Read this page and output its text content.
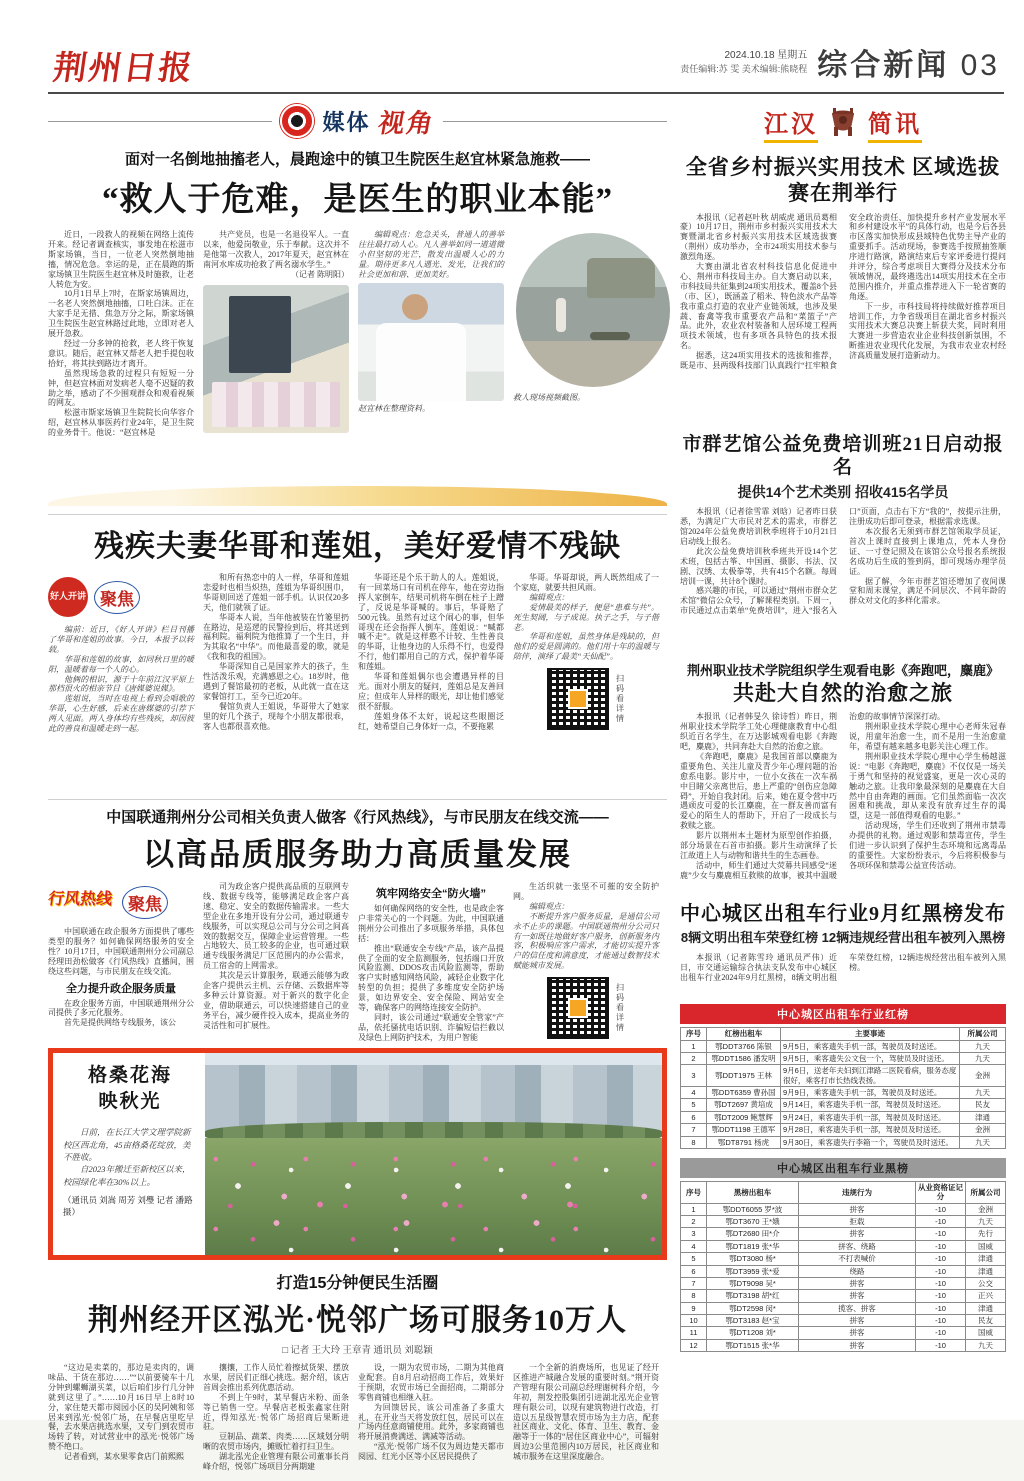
荆州日报	2024.10.18 星期五
责任编辑:苏 雯 美术编辑:熊晓程 综合新闻 03
媒体 视角
面对一名倒地抽搐老人，晨跑途中的镇卫生院医生赵宜林紧急施救——
“救人于危难，是医生的职业本能”

近日，一段救人的视频在网络上流传开来。经记者调查核实，事发地在松滋市斯家场镇，当日，一位老人突然倒地抽搐，情况危急。幸运的是，正在晨跑的斯家场镇卫生院医生赵宜林及时施救，让老人转危为安。

10月1日早上7时，在斯家场镇周边，一名老人突然倒地抽搐，口吐白沫。正在大家手足无措、焦急万分之际，斯家场镇卫生院医生赵宜林路过此地，立即对老人展开急救。

经过一分多钟的抢救，老人终于恢复意识。随后，赵宜林又帮老人把手提包收拾好，将其扶到路边才离开。

虽然现场急救的过程只有短短一分钟，但赵宜林面对发病老人毫不迟疑的救助之举，感动了不少围观群众和观看视频的网友。

松滋市斯家场镇卫生院院长向华容介绍，赵宜林从事医药行业24年，是卫生院的业务骨干。他说：“赵宜林是

共产党员，也是一名退役军人。一直以来，他爱岗敬业，乐于奉献。这次并不是他第一次救人，2017年夏天，赵宜林在南河水库成功抢救了两名溺水学生。”

（记者 陈明阳）

编辑观点：危急关头，普通人的善举往往最打动人心。凡人善举如同一道道微小但坚韧的光芒，散发出温暖人心的力量。期待更多凡人遇光、发光，让我们的社会更加和谐、更加美好。

赵宜林在整理资料。
救人现场视频截图。
残疾夫妻华哥和莲姐，美好爱情不残缺
好人开讲 聚焦

编前：近日，《好人开讲》栏目刊播了华哥和莲姐的故事。今日，本报予以转载。

华哥和莲姐的故事，如同秋日里的暖阳，温暖着每一个人的心。

他俩的相识，源于十年前江汉平原上那档很火的相亲节目《唐媒婆说媒》。

莲姐说，当时在电视上看到会唱歌的华哥，心生好感，后来在唐媒婆的引荐下两人见面。两人身体均有些残疾，却因彼此的善良和温暖走到一起。

和所有热恋中的人一样，华哥和莲姐恋爱时也相当炽热，莲姐为华哥织围巾，华哥则回送了莲姐一部手机。认识仅20多天，他们就领了证。

华哥本人说，当年他被装在竹篓里扔在路边，是巡逻的民警捡到后，将其送到福利院。福利院为他推算了一个生日，并为其取名“中华”。而他最喜爱的歌，就是《我和我的祖国》。

华哥深知自己是国家养大的孩子，生性活泼乐观，充满感恩之心。18岁时，他遇到了餐馆最初的老板，从此就一直在这家餐馆打工，至今已近20年。

餐馆负责人王姐说，华哥带大了她家里的好几个孩子，现每个小朋友都很乖，客人也都很喜欢他。

华哥还是个乐于助人的人。莲姐说，有一回菜场口有司机在停车，他在旁边指挥人家倒车，结果司机将车倒在柱子上蹭了，反说是华哥喊的。事后，华哥赔了500元钱。虽然有过这个闹心的事，但华哥现在还会指挥人倒车，莲姐说：“喊都喊不走”。就是这样憨不计较、生性善良的华哥，让他身边的人乐得不行，也爱得不行，他们都用自己的方式，保护着华哥和莲姐。

华哥和莲姐偶尔也会遭遇异样的目光。面对小朋友的疑问，莲姐总是友善回应；但成年人异样的眼光，却让他们感觉很不舒服。

莲姐身体不太好，说起这些眼圈泛红，她希望自己身体好一点，不要拖累

华哥。华哥却说，两人既然组成了一个家庭，就要共担风雨。

编辑观点：

爱情最美的样子，便是“患难与共”。死生契阔，与子成说。执子之手，与子偕老。

华哥和莲姐，虽然身体是残缺的，但他们的爱是圆满的。他们用十年的温暖与陪伴，演绎了最美“天仙配”。

扫码看详情
中国联通荆州分公司相关负责人做客《行风热线》，与市民朋友在线交流——
以高品质服务助力高质量发展
行风热线 聚焦

中国联通在政企服务方面提供了哪些类型的服务？如何确保网络服务的安全性？10月17日，中国联通荆州分公司副总经理田劲松做客《行风热线》直播间，围绕这些问题，与市民朋友在线交流。

全力提升政企服务质量

在政企服务方面，中国联通荆州分公司提供了多元化服务。

首先是提供网络专线服务，该公

司为政企客户提供高品质的互联网专线、数据专线等，能够满足政企客户高速、稳定、安全的数据传输需求。一些大型企业在多地开设有分公司，通过联通专线服务，可以实现总公司与分公司之间高效的数据交互，保障企业运营管理。一些占地较大、员工较多的企业，也可通过联通专线服务满足厂区范围内的办公需求，员工宿舍的上网需求。

其次是云计算服务，联通云能够为政企客户提供云主机、云存储、云数据库等多种云计算资源。对于新兴的数字化企业，借助联通云，可以快速搭建自己的业务平台，减少硬件投入成本，提高业务的灵活性和可扩展性。

筑牢网络安全“防火墙”

如何确保网络的安全性，也是政企客户非常关心的一个问题。为此，中国联通荆州分公司推出了多项服务举措，具体包括：

推出“联通安全专线”产品，该产品提供了全面的安全监测服务，包括端口开放风险监测、DDOS攻击风险监测等，帮助客户实时感知网络风险，减轻企业数字化转型的负担；提供了多维度安全防护场景，如边界安全、安全保险、网站安全等，确保客户的网络连接安全防护。

同时，该公司通过“联通安全管家”产品，依托骚扰电话识别、诈骗短信拦截以及绿色上网防护技术，为用户智能

生活织就一张坚不可摧的安全防护网。

编辑观点：

不断提升客户服务质量，是通信公司永不止步的课题。中国联通荆州分公司只有一如既往地做好客户服务，创新服务内容，积极响应客户需求，才能切实提升客户的信任度和满意度，才能通过数智技术赋能城市发展。

扫码看详情
格桑花海
映秋光

日前，在长江大学文理学院新校区西北角，45亩格桑花绽放，美不胜收。

自2023年搬迁至新校区以来，校园绿化率在30%以上。

（通讯员 刘嵩 周芳 刘璺 记者 潘路 摄）
打造15分钟便民生活圈
荆州经开区泓光·悦邻广场可服务10万人
□ 记者 王大玲 王章青 通讯员 刘聪颖

“这边是卖菜的，那边是卖肉的，调味品、干货在那边……”“以前要骑车十几分钟到螺蛳湖买菜，以后咱们步行几分钟就到这里了。”……10月16日早上8时10分，家住楚天都市阅园小区的吴阿姨和邻居来到泓光·悦邻广场，在早餐店里吃早餐，去水果店挑选水果，又专门到农贸市场转了转，对试营业中的泓光·悦邻广场赞不绝口。

记者看到，某水果零食店门前熙熙

攘攘，工作人员忙着擦拭货架、摆放水果，居民们正细心挑选。据介绍，该店首周会推出系列优惠活动。

不到上午9时，某早餐店米粉、面条等已销售一空。早餐店老板张鑫家住附近，得知泓光·悦邻广场招商后果断进驻。

豆制品、蔬菜、肉类……区域划分明晰的农贸市场内，摊贩忙着打扫卫生。

湖北泓光企业管理有限公司董事长肖峰介绍，悦邻广场项目分两期建

设，一期为农贸市场，二期为其他商业配套。自8月启动招商工作后，效果好于预期，农贸市场已全面招商，二期部分零售商铺也相继入驻。

为回馈居民，该公司准备了多重大礼，在开业当天将发放红包，居民可以在广场内任意商铺使用。此外，多家商铺也将开展消费满送、满减等活动。

“泓光·悦邻广场不仅为周边楚天都市阅园、红光小区等小区居民提供了

一个全新的消费场所，也见证了经开区推进产城融合发展的重要时刻。”荆开资产管理有限公司副总经理谢树科介绍，今年初，荆发控股集团引进湖北泓光企业管理有限公司，以现有建筑物进行改造，打造以五星级智慧农贸市场为主力店，配套社区商业、文化、体育、卫生、教育、金融等于一体的“居住区商业中心”，可辐射周边3公里范围内10万居民，社区商业和城市服务在这里深度融合。

江汉 简讯
全省乡村振兴实用技术 区域选拔赛在荆举行

本报讯（记者赵叶秋 胡威虎 通讯员葛相豪）10月17日，荆州市乡村振兴实用技术大赛暨湖北省乡村振兴实用技术区域选拔赛（荆州）成功举办，全市24项实用技术参与激烈角逐。

大赛由湖北省农村科技信息化促进中心、荆州市科技局主办。自大赛启动以来，市科技局共征集到24项实用技术，覆盖8个县（市、区），既涵盖了稻米、特色淡水产品等我市重点打造的农业产业链领域，也涉及果蔬、畜禽等我市重要农产品和“菜篮子”产品。此外，农业农村装备和人居环境工程两项技术领域，也有多项各具特色的技术报名。

据悉，这24项实用技术的选拔和推荐，既是市、县两级科技部门认真践行“扛牢粮食安全政治责任、加快提升乡村产业发展水平和乡村建设水平”的具体行动，也是今后各县市区落实加快形成县域特色优势主导产业的重要抓手。活动现场，参赛选手按照抽签顺序进行路演，路演结束后专家评委进行提问并评分，综合考虑项目大赛得分及技术分布领域情况，最终遴选出14项实用技术在全市范围内推介，并重点推荐进入下一轮省赛的角逐。

下一步，市科技局将持续做好推荐项目培训工作，力争省级项目在湖北省乡村振兴实用技术大赛总决赛上斩获大奖，同时利用大赛进一步营造农业企业科技创新氛围，不断推进农业现代化发展，为我市农业农村经济高质量发展打造新动力。

市群艺馆公益免费培训班21日启动报名
提供14个艺术类别 招收415名学员

本报讯（记者徐雪霏 刘晗）记者昨日获悉，为满足广大市民对艺术的需求，市群艺馆2024年公益免费培训秋季班将于10月21日启动线上报名。

此次公益免费培训秋季班共开设14个艺术班，包括古筝、中国画、摄影、书法、汉剧、汉绣、太极拳等，共有415个名额。每周培训一课，共计8个课时。

感兴趣的市民，可以通过“荆州市群众艺术馆”微信公众号，了解课程类别。下周一，市民通过点击菜单“免费培训”，进入“报名入口”页面，点击右下方“我的”，按提示注册，注册成功后即可登录，根据需求选课。

本次报名无须到市群艺馆领取学员证，首次上课时直接到上课地点，凭本人身份证、一寸登记照及在该馆公众号报名系统报名成功后生成的签到码，即可现场办理学员证。

据了解，今年市群艺馆还增加了夜间课堂和周末课堂，满足不同层次、不同年龄的群众对文化的多样化需求。

荆州职业技术学院组织学生观看电影《奔跑吧，麋鹿》
共赴大自然的治愈之旅

本报讯（记者韩旻久 徐诗哲）昨日，荆州职业技术学院学工处心理健康教育中心组织近百名学生，在万达影城观看电影《奔跑吧，麋鹿》，共同奔赴大自然的治愈之旅。

《奔跑吧，麋鹿》是我国首部以麋鹿为重要角色、关注儿童及青少年心理问题的治愈系电影。影片中，一位小女孩在一次车祸中目睹父亲离世后，患上严重的“创伤应急障碍”，开始自我封闭。后来，她在夏令营中巧遇顽皮可爱的长江麋鹿，在一群友善而富有爱心的陌生人的帮助下，开启了一段成长与救赎之旅。

影片以荆州本土题材为原型创作拍摄，部分场景在石首市拍摄。影片生动演绎了长江故道上人与动物和谐共生的生态画卷。

活动中，师生们通过大荧幕共同感受“迷鹿”少女与麋鹿相互救赎的故事，被其中温暖治愈的故事情节深深打动。

荆州职业技术学院心理中心老师朱冠春说，用童年治愈一生，而不是用一生治愈童年，希望有越来越多电影关注心理工作。

荆州职业技术学院心理中心学生杨越滋说：“电影《奔跑吧，麋鹿》不仅仅是一场关于勇气和坚持的视觉盛宴，更是一次心灵的触动之旅。让我印象最深刻的是麋鹿在大自然中自由奔跑的画面。它们虽然面临一次次困难和挑战，却从来没有放弃过生存的渴望，这是一部值得观看的电影。”

活动现场，学生们还收到了荆州市禁毒办提供的礼物。通过观影和禁毒宣传，学生们进一步认识到了保护生态环境和远离毒品的重要性。大家纷纷表示，今后将积极参与各项环保和禁毒公益宣传活动。

中心城区出租车行业9月红黑榜发布
8辆文明出租车荣登红榜 12辆违规经营出租车被列入黑榜

本报讯（记者陈雪玲 通讯员严伟）近日，市交通运输综合执法支队发布中心城区出租车行业2024年9月红黑榜，8辆文明出租车荣登红榜，12辆违规经营出租车被列入黑榜。

中心城区出租车行业红榜
序号	红榜出租车	主要事迹	所属公司
1	鄂DDT3766 陈银	9月5日，乘客遗失手机一部，驾驶员及时送还。	九天
2	鄂DDT1586 潘发明	9月5日，乘客遗失公文包一个，驾驶员及时送还。	九天
3	鄂DDT1975 王林	9月6日，送老年夫妇到江津路二医院看病，服务态度很好，乘客打市长热线表扬。	金洲
4	鄂DDT6359 曹孙国	9月9日，乘客遗失手机一部，驾驶员及时送还。	九天
5	鄂DT2697 黄培成	9月14日，乘客遗失手机一部，驾驶员及时送还。	民友
6	鄂DT2009 鲍慧辉	9月24日，乘客遗失手机一部，驾驶员及时送还。	津通
7	鄂DDT1198 王德军	9月28日，乘客遗失手机一部，驾驶员及时送还。	金洲
8	鄂DT8791 杨虎	9月30日，乘客遗失行李箱一个，驾驶员及时送还。	九天
中心城区出租车行业黑榜
序号	黑榜出租车	违规行为	从业资格证记分	所属公司
1	鄂DDT6055 罗*波	拼客	-10	金洲
2	鄂DT3670 王*娥	拒载	-10	九天
3	鄂DT2680 田*介	拼客	-10	先行
4	鄂DT1819 张*华	拼客、绕路	-10	国威
5	鄂DT3080 杨*	不打表喊价	-10	津通
6	鄂DT3959 张*爱	绕路	-10	津通
7	鄂DT9098 吴*	拼客	-10	公交
8	鄂DT3198 胡*红	拼客	-10	正兴
9	鄂DT2598 闵*	揽客、拼客	-10	津通
10	鄂DT3183 赵*宝	拼客	-10	民友
11	鄂DT1208 刘*	拼客	-10	国威
12	鄂DT1515 张*华	拼客	-10	九天
